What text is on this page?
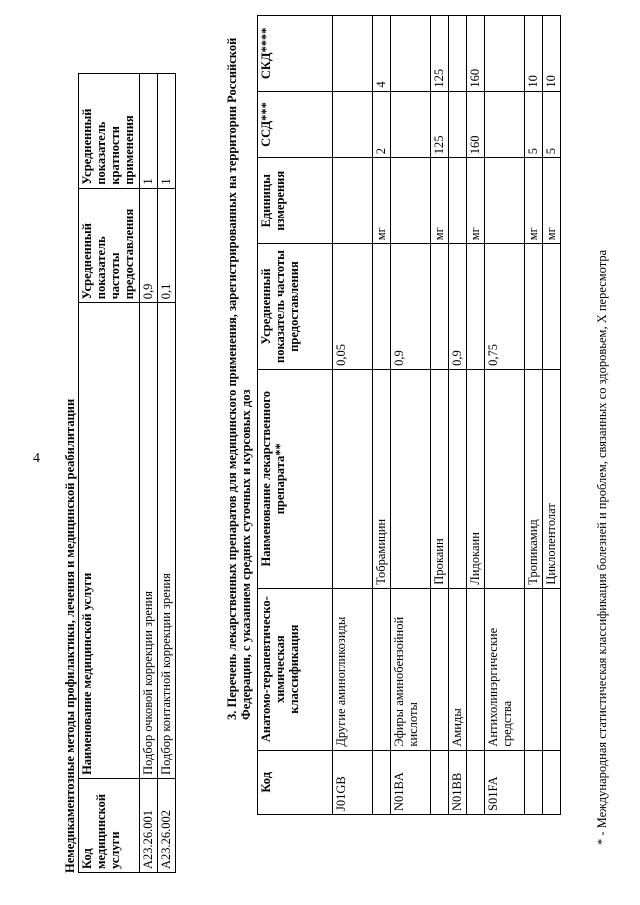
4 Немедикаментозные методы профилактики, лечения и медицинской реабилитации Код медицинской услуги	Наименование медицинской услуги	Усредненный показатель частоты предоставления	Усредненный показатель кратности применения
A23.26.001	Подбор очковой коррекции зрения	0,9	1
A23.26.002	Подбор контактной коррекции зрения	0,1	1	3. Перечень лекарственных препаратов для медицинского применения, зарегистрированных на территории Российской Федерации, с указанием средних суточных и курсовых доз
Код	Анатомо-терапевтическо-химическая классификация	Наименование лекарственного препарата**	Усредненный показатель частоты предоставления	Единицы измерения	ССД***	СКД****
J01GB	Другие аминогликозиды		0,05			
		Тобрамицин		мг	2	4
N01BA	Эфиры аминобензойной кислоты		0,9			
		Прокаин		мг	125	125
N01BB	Амиды		0,9			
		Лидокаин		мг	160	160
S01FA	Антихолинэргические средства		0,75			
		Тропикамид		мг	5	10
		Циклопентолат		мг	5	10
* - Международная статистическая классификация болезней и проблем, связанных со здоровьем, Х пересмотра
